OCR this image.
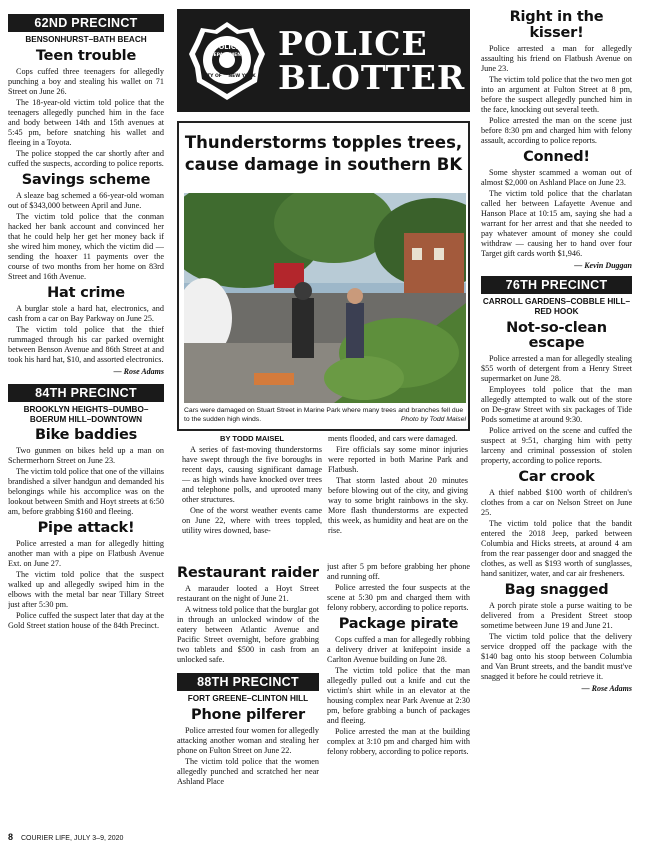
62ND PRECINCT
BENSONHURST–BATH BEACH
Teen trouble

Cops cuffed three teenagers for allegedly punching a boy and stealing his wallet on 71 Street on June 26.

The 18-year-old victim told police that the teenagers allegedly punched him in the face and body between 14th and 15th avenues at 5:45 pm, before snatching his wallet and fleeing in a Toyota.

The police stopped the car shortly after and cuffed the suspects, according to police reports.

Savings scheme

A sleaze bag schemed a 66-year-old woman out of $343,000 between April and June.

The victim told police that the conman hacked her bank account and convinced her that he could help her get her money back if she wired him money, which the victim did — sending the hoaxer 11 payments over the course of two months from her home on 83rd Street and 16th Avenue.

Hat crime

A burglar stole a hard hat, electronics, and cash from a car on Bay Parkway on June 25.

The victim told police that the thief rummaged through his car parked overnight between Benson Avenue and 86th Street at and took his hard hat, $10, and assorted electronics.

— Rose Adams
84TH PRECINCT
BROOKLYN HEIGHTS–DUMBO–BOERUM HILL–DOWNTOWN
Bike baddies

Two gunmen on bikes held up a man on Schermerhorn Street on June 23.

The victim told police that one of the villains brandished a silver handgun and demanded his belongings while his accomplice was on the lookout between Smith and Hoyt streets at 6:50 am, before grabbing $160 and fleeing.

Pipe attack!

Police arrested a man for allegedly hitting another man with a pipe on Flatbush Avenue Ext. on June 27.

The victim told police that the suspect walked up and allegedly swiped him in the elbows with the metal bar near Tillary Street just after 5:30 pm.

Police cuffed the suspect later that day at the Gold Street station house of the 84th Precinct.

POLICE
DEPARTMENT
CITY OF NEW YORK
POLICE
BLOTTER
Thunderstorms topples trees, cause damage in southern BK
Cars were damaged on Stuart Street in Marine Park where many trees and branches fell due to the sudden high winds.	Photo by Todd Maisel
BY TODD MAISEL

A series of fast-moving thunderstorms have swept through the five boroughs in recent days, causing significant damage — as high winds have knocked over trees and telephone polls, and uprooted many other structures.

One of the worst weather events came on June 22, where with trees toppled, utility wires downed, base-

ments flooded, and cars were damaged.

Fire officials say some minor injuries were reported in both Marine Park and Flatbush.

That storm lasted about 20 minutes before blowing out of the city, and giving way to some bright rainbows in the sky. More flash thunderstorms are expected this week, as humidity and heat are on the rise.

Restaurant raider

A marauder looted a Hoyt Street restaurant on the night of June 21.

A witness told police that the burglar got in through an unlocked window of the eatery between Atlantic Avenue and Pacific Street overnight, before grabbing two tablets and $500 in cash from an unlocked safe.

88TH PRECINCT
FORT GREENE–CLINTON HILL
Phone pilferer

Police arrested four women for allegedly attacking another woman and stealing her phone on Fulton Street on June 22.

The victim told police that the women allegedly punched and scratched her near Ashland Place

just after 5 pm before grabbing her phone and running off.

Police arrested the four suspects at the scene at 5:30 pm and charged them with felony robbery, according to police reports.

Package pirate

Cops cuffed a man for allegedly robbing a delivery driver at knifepoint inside a Carlton Avenue building on June 28.

The victim told police that the man allegedly pulled out a knife and cut the victim's shirt while in an elevator at the housing complex near Park Avenue at 2:30 pm, before grabbing a bunch of packages and fleeing.

Police arrested the man at the building complex at 3:10 pm and charged him with felony robbery, according to police reports.

Right in the kisser!

Police arrested a man for allegedly assaulting his friend on Flatbush Avenue on June 23.

The victim told police that the two men got into an argument at Fulton Street at 8 pm, before the suspect allegedly punched him in the face, knocking out several teeth.

Police arrested the man on the scene just before 8:30 pm and charged him with felony assault, according to police reports.

Conned!

Some shyster scammed a woman out of almost $2,000 on Ashland Place on June 23.

The victim told police that the charlatan called her between Lafayette Avenue and Hanson Place at 10:15 am, saying she had a warrant for her arrest and that she needed to pay whatever amount of money she could withdraw — causing her to hand over four Target gift cards worth $1,946.

— Kevin Duggan
76TH PRECINCT
CARROLL GARDENS–COBBLE HILL–RED HOOK
Not-so-clean escape

Police arrested a man for allegedly stealing $55 worth of detergent from a Henry Street supermarket on June 28.

Employees told police that the man allegedly attempted to walk out of the store on De-graw Street with six packages of Tide Pods sometime at around 9:30.

Police arrived on the scene and cuffed the suspect at 9:51, charging him with petty larceny and criminal possession of stolen property, according to police reports.

Car crook

A thief nabbed $100 worth of children's clothes from a car on Nelson Street on June 25.

The victim told police that the bandit entered the 2018 Jeep, parked between Columbia and Hicks streets, at around 4 am from the rear passenger door and snagged the clothes, as well as $193 worth of sunglasses, hand sanitizer, water, and car air fresheners.

Bag snagged

A porch pirate stole a purse waiting to be delivered from a President Street stoop sometime between June 19 and June 21.

The victim told police that the delivery service dropped off the package with the $140 bag onto his stoop between Columbia and Van Brunt streets, and the bandit must've snagged it before he could retrieve it.

— Rose Adams
8 COURIER LIFE, JULY 3–9, 2020
